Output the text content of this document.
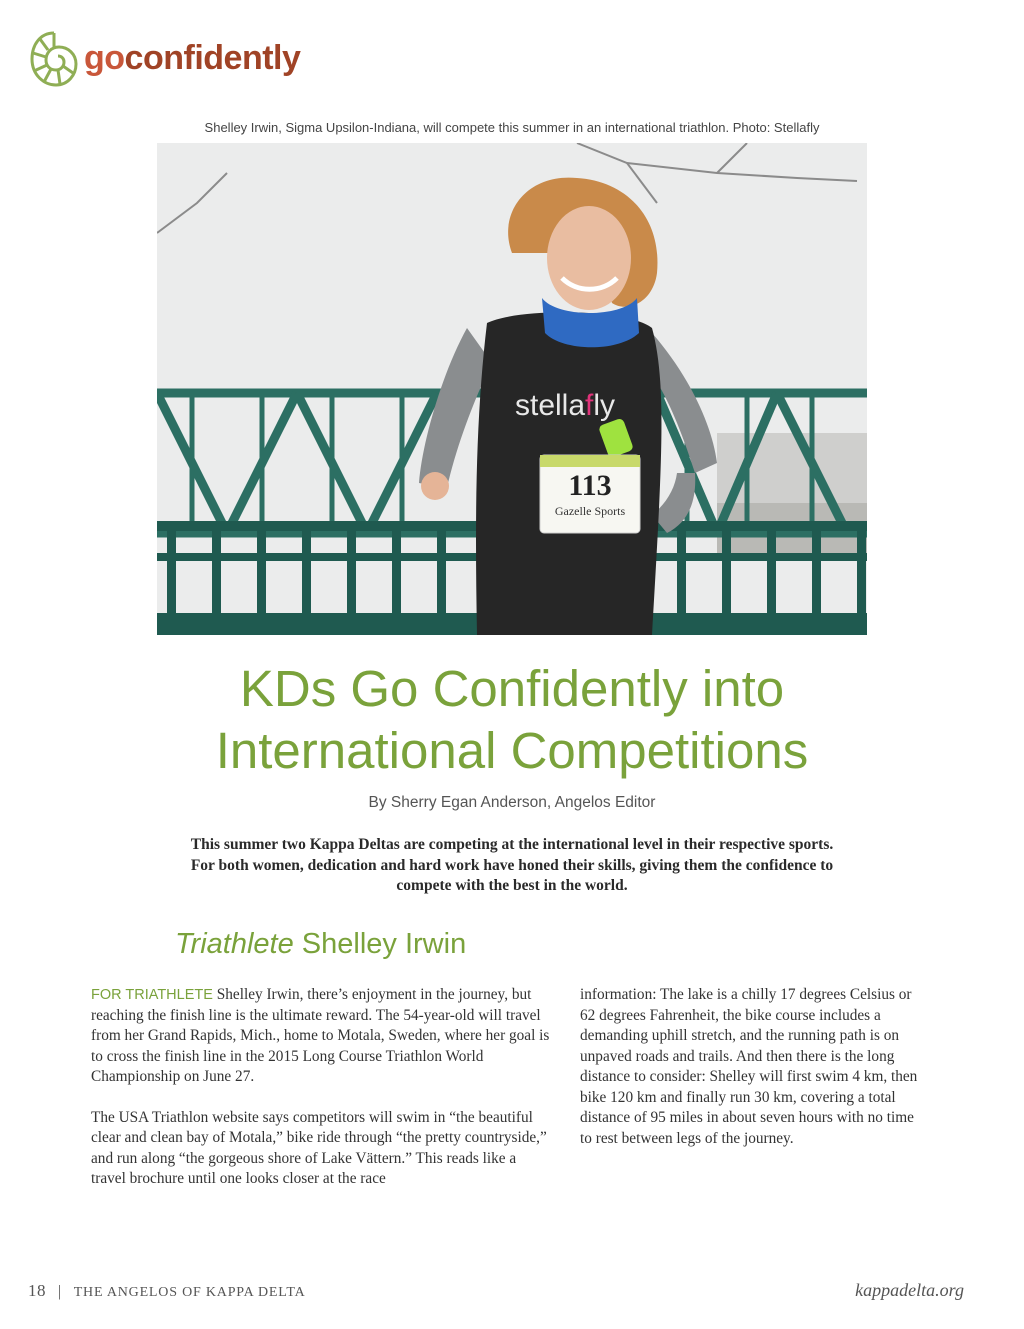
goconfidently
Shelley Irwin, Sigma Upsilon-Indiana, will compete this summer in an international triathlon. Photo: Stellafly
stellafly
113
Gazelle Sports
KDs Go Confidently into
International Competitions
By Sherry Egan Anderson, Angelos Editor
This summer two Kappa Deltas are competing at the international level in their respective sports. For both women, dedication and hard work have honed their skills, giving them the confidence to compete with the best in the world.
Triathlete Shelley Irwin

FOR TRIATHLETE Shelley Irwin, there’s enjoyment in the journey, but reaching the finish line is the ultimate reward. The 54-year-old will travel from her Grand Rapids, Mich., home to Motala, Sweden, where her goal is to cross the finish line in the 2015 Long Course Triathlon World Championship on June 27.

The USA Triathlon website says competitors will swim in “the beautiful clear and clean bay of Motala,” bike ride through “the pretty countryside,” and run along “the gorgeous shore of Lake Vättern.” This reads like a travel brochure until one looks closer at the race

information: The lake is a chilly 17 degrees Celsius or 62 degrees Fahrenheit, the bike course includes a demanding uphill stretch, and the running path is on unpaved roads and trails. And then there is the long distance to consider: Shelley will first swim 4 km, then bike 120 km and finally run 30 km, covering a total distance of 95 miles in about seven hours with no time to rest between legs of the journey.

18 | THE ANGELOS OF KAPPA DELTA	kappadelta.org
